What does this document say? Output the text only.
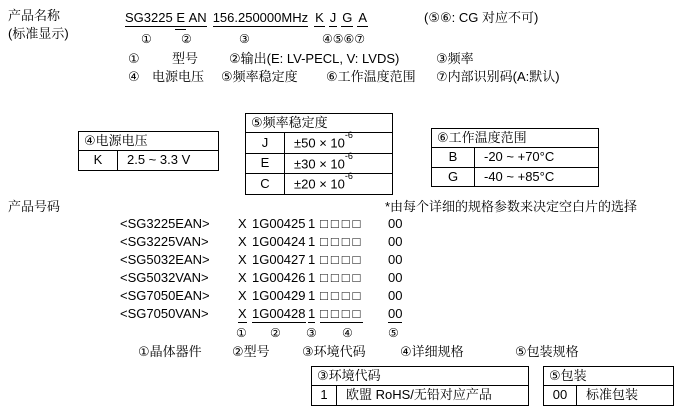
产品名称
(标准显示)
SG3225 E AN 156.250000MHz K J G A	(⑤⑥: CG 对应不可)
① ②	③	④⑤⑥⑦
① 型号 ②输出(E: LV-PECL, V: LVDS)	③频率
④ 电源电压 ⑤频率稳定度 ⑥工作温度范围 ⑦内部识别码(A:默认)
④电源电压
K	2.5 ~ 3.3 V
⑤频率稳定度	
J	$\pm 50 \times 10^{-6}$
E	$\pm 30 \times 10^{-6}$
C	$\pm 20 \times 10^{-6}$
⑥工作温度范围	
B	-20 ~ +70°C
G	-40 ~ +85°C
产品号码	*由每个详细的规格参数来决定空白片的选择
<SG3225EAN>	X 1G00425 1 □□□□	00
<SG3225VAN>	X 1G00424 1 □□□□	00
<SG5032EAN>	X 1G00427 1 □□□□	00
<SG5032VAN>	X 1G00426 1 □□□□	00
<SG7050EAN>	X 1G00429 1 □□□□	00
<SG7050VAN>	X 1G00428 1 □□□□	00
① ② ③ ④	⑤
①晶体器件 ②型号 ③环境代码	④详细规格	⑤包装规格
③环境代码
1	欧盟 RoHS/无铅对应产品
⑤包装
00	标准包装
